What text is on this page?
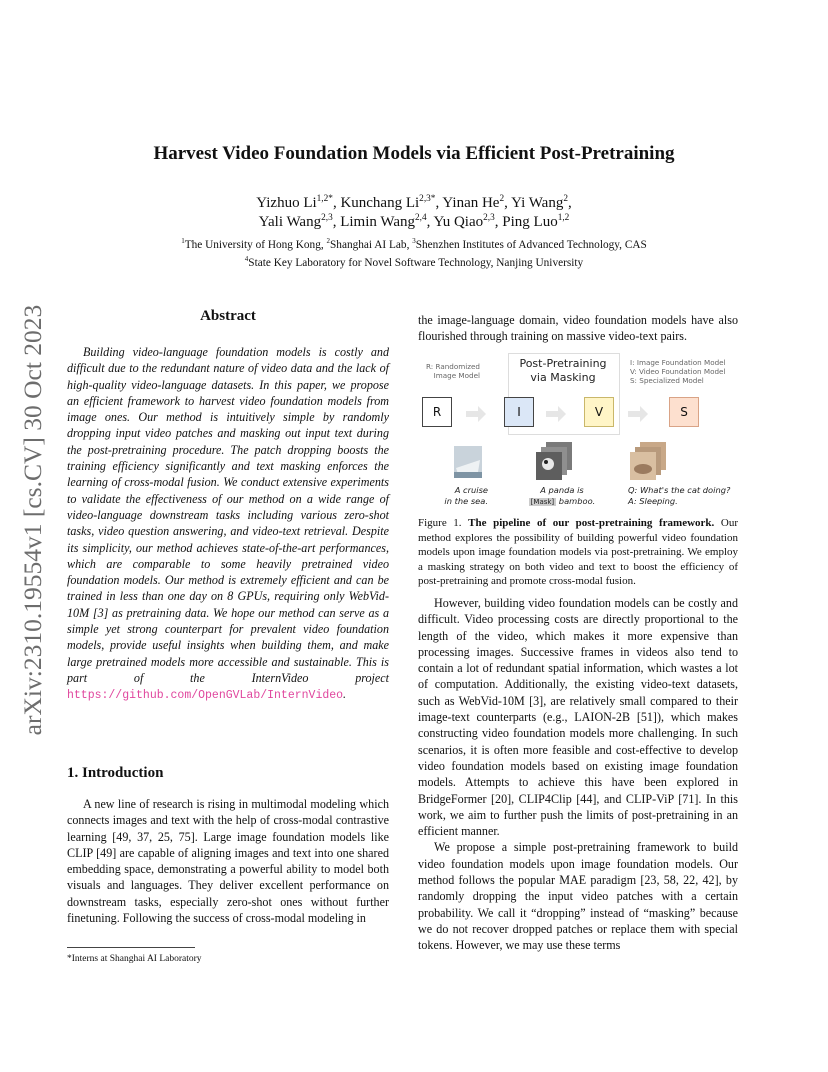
arXiv:2310.19554v1 [cs.CV] 30 Oct 2023
Harvest Video Foundation Models via Efficient Post-Pretraining
Yizhuo $Li^{1,2*}$, Kunchang $Li^{2,3*}$, Yinan He$^2$, Yi Wang$^2$,
Yali Wang$^{2,3}$, Limin Wang$^{2,4}$, Yu Qiao$^{2,3}$, Ping Luo$^{1,2}$
$^1$The University of Hong Kong, $^2$Shanghai AI Lab, $^3$Shenzhen Institutes of Advanced Technology, CAS
$^4$State Key Laboratory for Novel Software Technology, Nanjing University
Abstract

Building video-language foundation models is costly and difficult due to the redundant nature of video data and the lack of high-quality video-language datasets. In this paper, we propose an efficient framework to harvest video foundation models from image ones. Our method is intuitively simple by randomly dropping input video patches and masking out input text during the post-pretraining procedure. The patch dropping boosts the training efficiency significantly and text masking enforces the learning of cross-modal fusion. We conduct extensive experiments to validate the effectiveness of our method on a wide range of video-language downstream tasks including various zero-shot tasks, video question answering, and video-text retrieval. Despite its simplicity, our method achieves state-of-the-art performances, which are comparable to some heavily pretrained video foundation models. Our method is extremely efficient and can be trained in less than one day on 8 GPUs, requiring only WebVid-10M [3] as pretraining data. We hope our method can serve as a simple yet strong counterpart for prevalent video foundation models, provide useful insights when building them, and make large pretrained models more accessible and sustainable. This is part of the InternVideo project https://github.com/OpenGVLab/InternVideo.

1. Introduction

A new line of research is rising in multimodal modeling which connects images and text with the help of cross-modal contrastive learning [49, 37, 25, 75]. Large image foundation models like CLIP [49] are capable of aligning images and text into one shared embedding space, demonstrating a powerful ability to model both visuals and languages. They deliver excellent performance on downstream tasks, especially zero-shot ones without further finetuning. Following the success of cross-modal modeling in

*Interns at Shanghai AI Laboratory

the image-language domain, video foundation models have also flourished through training on massive video-text pairs.

R: Randomized
Image Model
Post-Pretraining
via Masking
I: Image Foundation Model
V: Video Foundation Model
S: Specialized Model
R	I	V	S
A cruise
in the sea.
A panda is
[Mask] bamboo.
Q: What's the cat doing?
A: Sleeping.

Figure 1. The pipeline of our post-pretraining framework. Our method explores the possibility of building powerful video foundation models upon image foundation models via post-pretraining. We employ a masking strategy on both video and text to boost the efficiency of post-pretraining and promote cross-modal fusion.

However, building video foundation models can be costly and difficult. Video processing costs are directly proportional to the length of the video, which makes it more expensive than processing images. Successive frames in videos also tend to contain a lot of redundant spatial information, which wastes a lot of computation. Additionally, the existing video-text datasets, such as WebVid-10M [3], are relatively small compared to their image-text counterparts (e.g., LAION-2B [51]), which makes constructing video foundation models more challenging. In such scenarios, it is often more feasible and cost-effective to develop video foundation models based on existing image foundation models. Attempts to achieve this have been explored in BridgeFormer [20], CLIP4Clip [44], and CLIP-ViP [71]. In this work, we aim to further push the limits of post-pretraining in an efficient manner.

We propose a simple post-pretraining framework to build video foundation models upon image foundation models. Our method follows the popular MAE paradigm [23, 58, 22, 42], by randomly dropping the input video patches with a certain probability. We call it “dropping” instead of “masking” because we do not recover dropped patches or replace them with special tokens. However, we may use these terms
